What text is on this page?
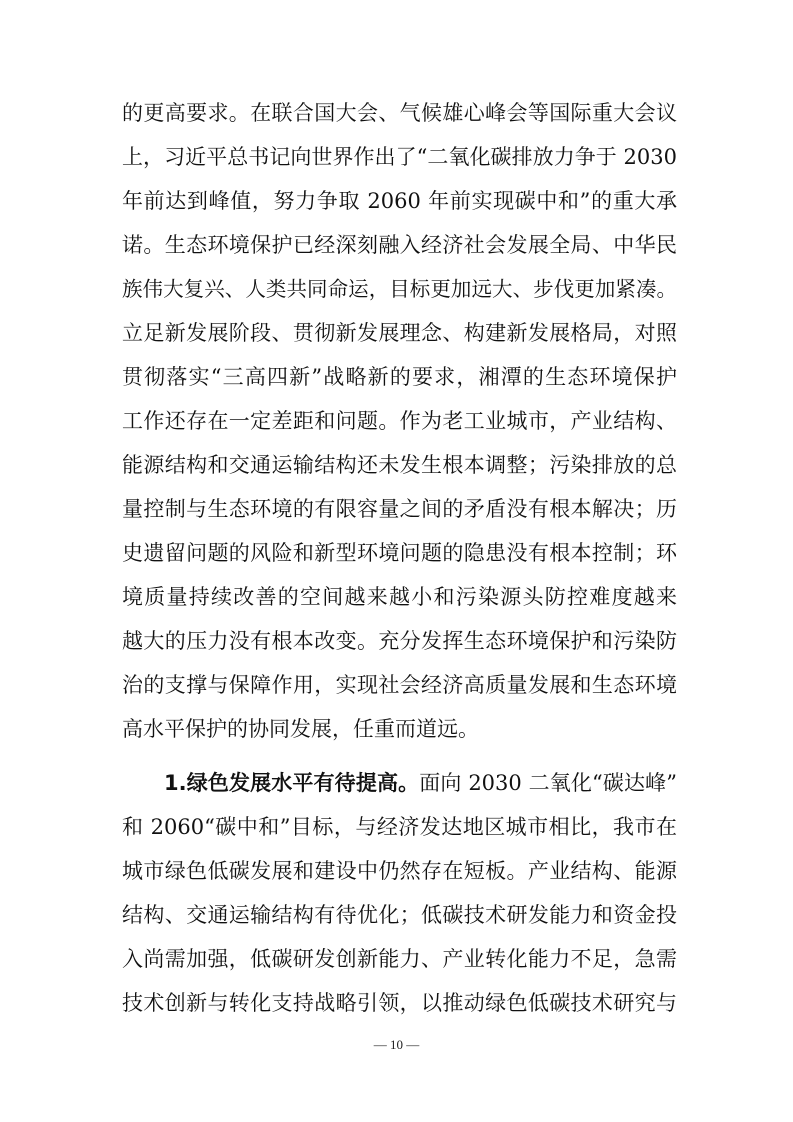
的更高要求。在联合国大会、气候雄心峰会等国际重大会议
上，习近平总书记向世界作出了“二氧化碳排放力争于 2030
年前达到峰值，努力争取 2060 年前实现碳中和”的重大承
诺。生态环境保护已经深刻融入经济社会发展全局、中华民
族伟大复兴、人类共同命运，目标更加远大、步伐更加紧凑。
立足新发展阶段、贯彻新发展理念、构建新发展格局，对照
贯彻落实“三高四新”战略新的要求，湘潭的生态环境保护
工作还存在一定差距和问题。作为老工业城市，产业结构、
能源结构和交通运输结构还未发生根本调整；污染排放的总
量控制与生态环境的有限容量之间的矛盾没有根本解决；历
史遗留问题的风险和新型环境问题的隐患没有根本控制；环
境质量持续改善的空间越来越小和污染源头防控难度越来
越大的压力没有根本改变。充分发挥生态环境保护和污染防
治的支撑与保障作用，实现社会经济高质量发展和生态环境
高水平保护的协同发展，任重而道远。
1.绿色发展水平有待提高。面向 2030 二氧化“碳达峰”
和 2060“碳中和”目标，与经济发达地区城市相比，我市在
城市绿色低碳发展和建设中仍然存在短板。产业结构、能源
结构、交通运输结构有待优化；低碳技术研发能力和资金投
入尚需加强，低碳研发创新能力、产业转化能力不足，急需
技术创新与转化支持战略引领，以推动绿色低碳技术研究与
— 10 —
